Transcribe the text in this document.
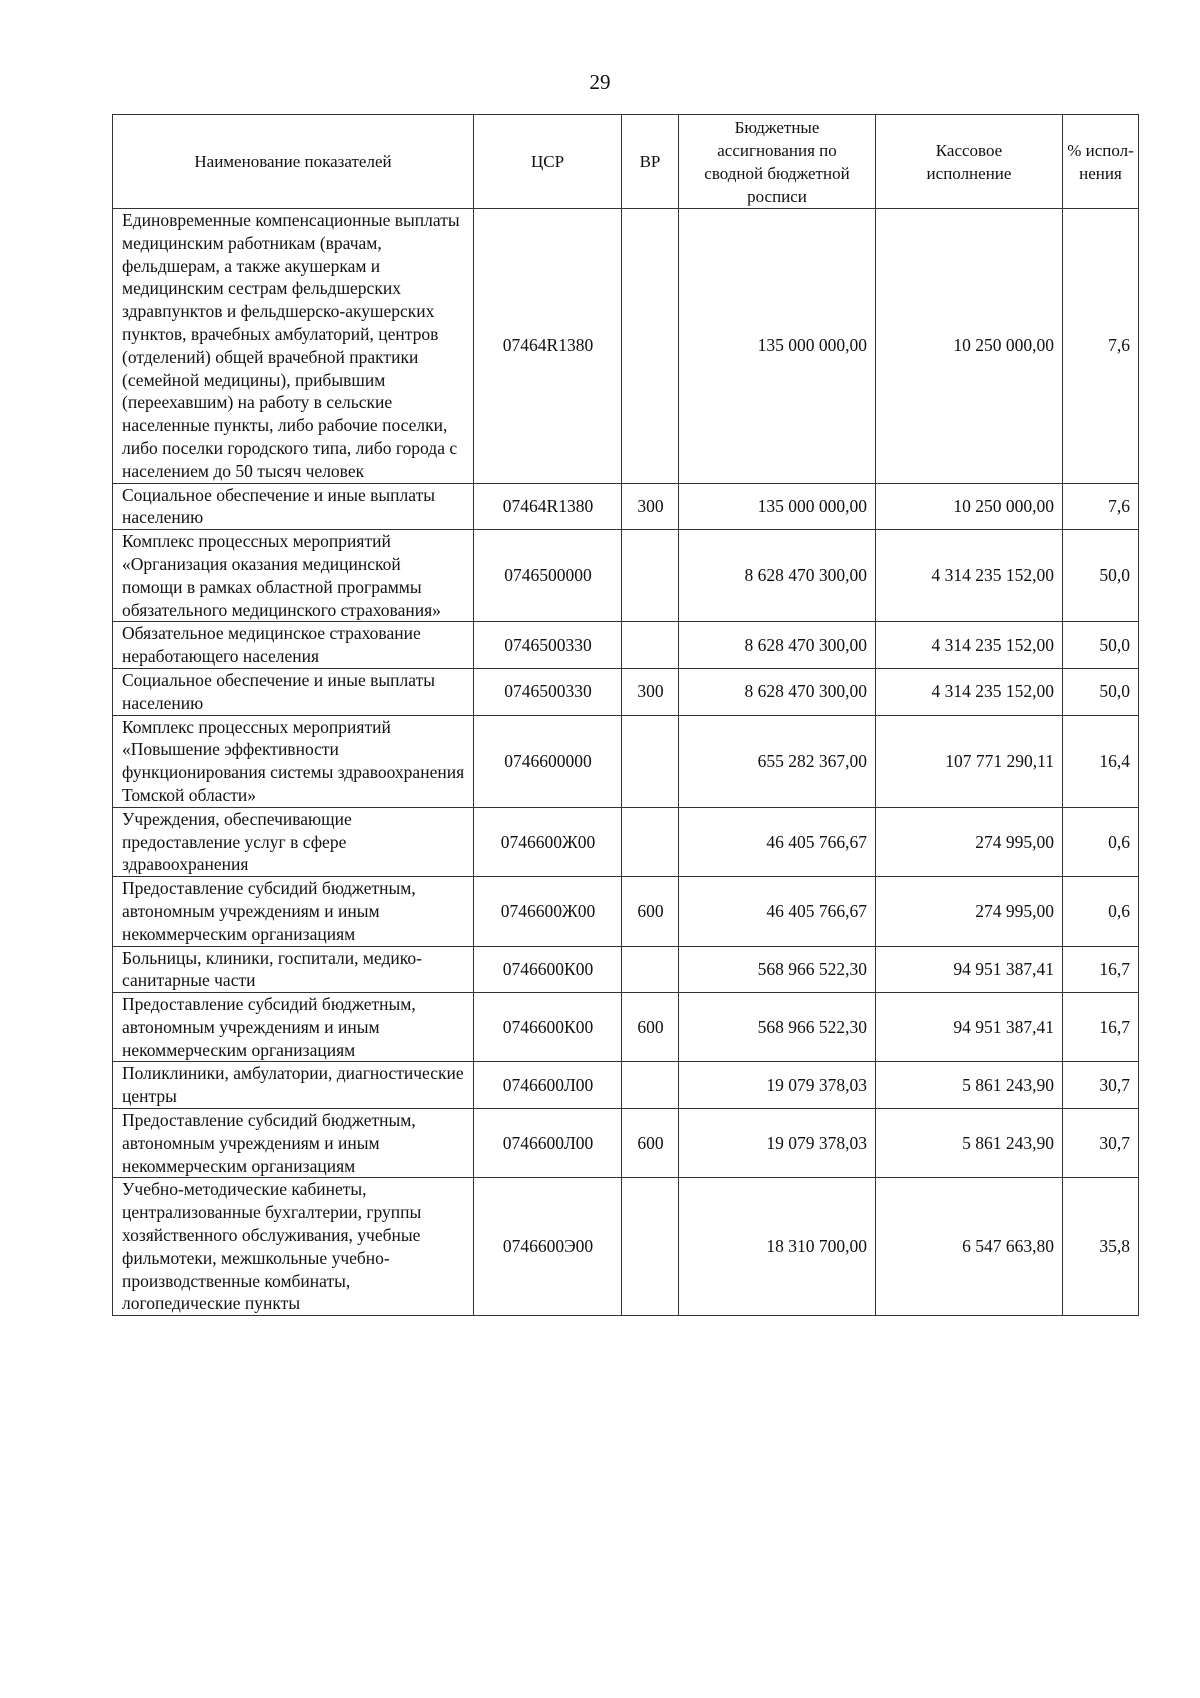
29
Наименование показателей	ЦСР	ВР	Бюджетные ассигнования по сводной бюджетной росписи	Кассовое исполнение	% испол-нения
Единовременные компенсационные выплаты медицинским работникам (врачам, фельдшерам, а также акушеркам и медицинским сестрам фельдшерских здравпунктов и фельдшерско-акушерских пунктов, врачебных амбулаторий, центров (отделений) общей врачебной практики (семейной медицины), прибывшим (переехавшим) на работу в сельские населенные пункты, либо рабочие поселки, либо поселки городского типа, либо города с населением до 50 тысяч человек	07464R1380		135 000 000,00	10 250 000,00	7,6
Социальное обеспечение и иные выплаты населению	07464R1380	300	135 000 000,00	10 250 000,00	7,6
Комплекс процессных мероприятий «Организация оказания медицинской помощи в рамках областной программы обязательного медицинского страхования»	0746500000		8 628 470 300,00	4 314 235 152,00	50,0
Обязательное медицинское страхование неработающего населения	0746500330		8 628 470 300,00	4 314 235 152,00	50,0
Социальное обеспечение и иные выплаты населению	0746500330	300	8 628 470 300,00	4 314 235 152,00	50,0
Комплекс процессных мероприятий «Повышение эффективности функционирования системы здравоохранения Томской области»	0746600000		655 282 367,00	107 771 290,11	16,4
Учреждения, обеспечивающие предоставление услуг в сфере здравоохранения	0746600Ж00		46 405 766,67	274 995,00	0,6
Предоставление субсидий бюджетным, автономным учреждениям и иным некоммерческим организациям	0746600Ж00	600	46 405 766,67	274 995,00	0,6
Больницы, клиники, госпитали, медико-санитарные части	0746600К00		568 966 522,30	94 951 387,41	16,7
Предоставление субсидий бюджетным, автономным учреждениям и иным некоммерческим организациям	0746600К00	600	568 966 522,30	94 951 387,41	16,7
Поликлиники, амбулатории, диагностические центры	0746600Л00		19 079 378,03	5 861 243,90	30,7
Предоставление субсидий бюджетным, автономным учреждениям и иным некоммерческим организациям	0746600Л00	600	19 079 378,03	5 861 243,90	30,7
Учебно-методические кабинеты, централизованные бухгалтерии, группы хозяйственного обслуживания, учебные фильмотеки, межшкольные учебно-производственные комбинаты, логопедические пункты	0746600Э00		18 310 700,00	6 547 663,80	35,8
